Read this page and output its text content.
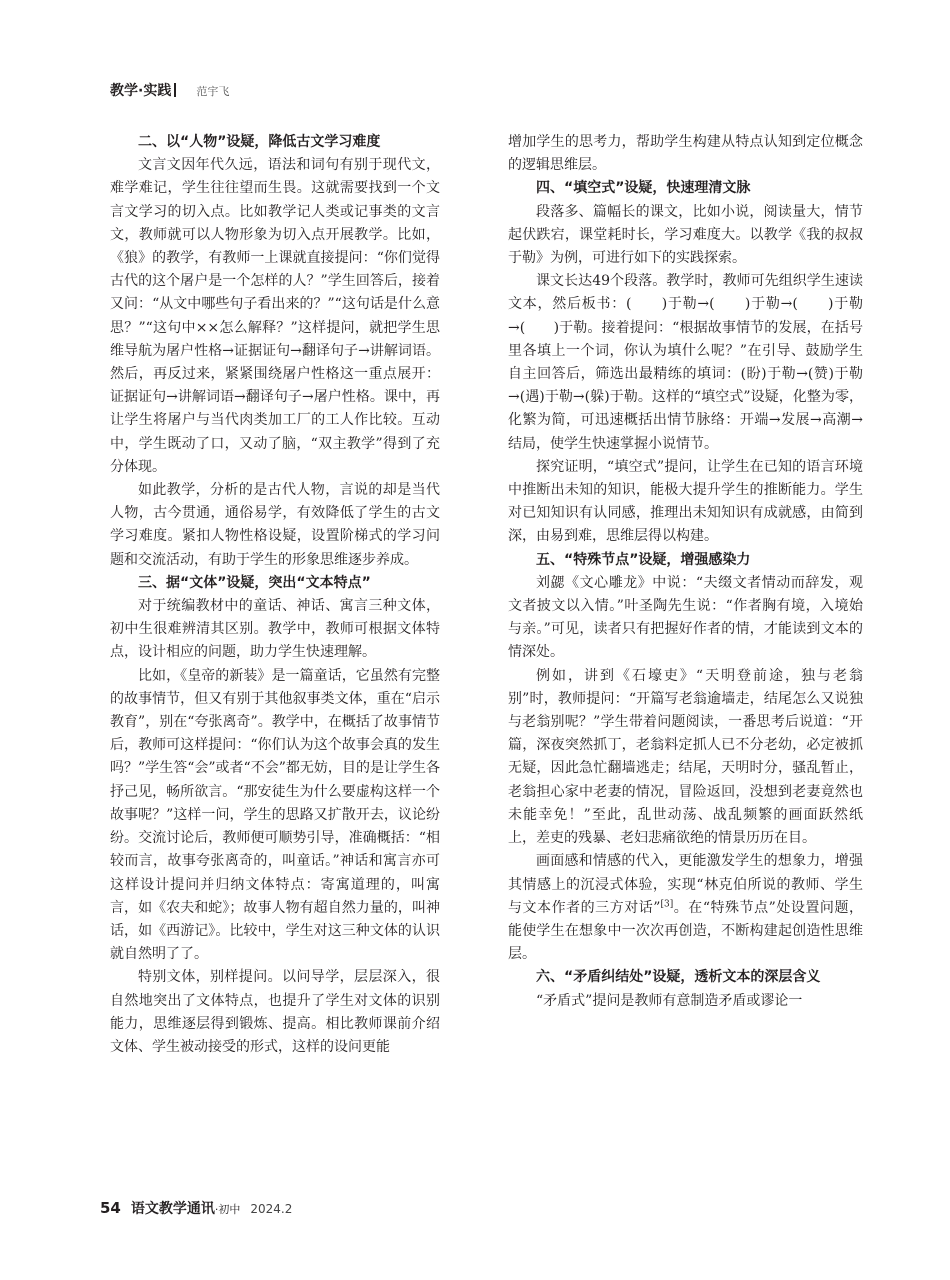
教学·实践 范宇飞
二、以“人物”设疑，降低古文学习难度

文言文因年代久远，语法和词句有别于现代文，难学难记，学生往往望而生畏。这就需要找到一个文言文学习的切入点。比如教学记人类或记事类的文言文，教师就可以人物形象为切入点开展教学。比如，《狼》的教学，有教师一上课就直接提问：“你们觉得古代的这个屠户是一个怎样的人？”学生回答后，接着又问：“从文中哪些句子看出来的？”“这句话是什么意思？”“这句中××怎么解释？”这样提问，就把学生思维导航为屠户性格→证据证句→翻译句子→讲解词语。然后，再反过来，紧紧围绕屠户性格这一重点展开：证据证句→讲解词语→翻译句子→屠户性格。课中，再让学生将屠户与当代肉类加工厂的工人作比较。互动中，学生既动了口，又动了脑，“双主教学”得到了充分体现。

如此教学，分析的是古代人物，言说的却是当代人物，古今贯通，通俗易学，有效降低了学生的古文学习难度。紧扣人物性格设疑，设置阶梯式的学习问题和交流活动，有助于学生的形象思维逐步养成。

三、据“文体”设疑，突出“文本特点”

对于统编教材中的童话、神话、寓言三种文体，初中生很难辨清其区别。教学中，教师可根据文体特点，设计相应的问题，助力学生快速理解。

比如，《皇帝的新装》是一篇童话，它虽然有完整的故事情节，但又有别于其他叙事类文体，重在“启示教育”，别在“夸张离奇”。教学中，在概括了故事情节后，教师可这样提问：“你们认为这个故事会真的发生吗？”学生答“会”或者“不会”都无妨，目的是让学生各抒己见，畅所欲言。“那安徒生为什么要虚构这样一个故事呢？”这样一问，学生的思路又扩散开去，议论纷纷。交流讨论后，教师便可顺势引导，准确概括：“相较而言，故事夸张离奇的，叫童话。”神话和寓言亦可这样设计提问并归纳文体特点：寄寓道理的，叫寓言，如《农夫和蛇》；故事人物有超自然力量的，叫神话，如《西游记》。比较中，学生对这三种文体的认识就自然明了了。

特别文体，别样提问。以问导学，层层深入，很自然地突出了文体特点，也提升了学生对文体的识别能力，思维逐层得到锻炼、提高。相比教师课前介绍文体、学生被动接受的形式，这样的设问更能

增加学生的思考力，帮助学生构建从特点认知到定位概念的逻辑思维层。

四、“填空式”设疑，快速理清文脉

段落多、篇幅长的课文，比如小说，阅读量大，情节起伏跌宕，课堂耗时长，学习难度大。以教学《我的叔叔于勒》为例，可进行如下的实践探索。

课文长达49个段落。教学时，教师可先组织学生速读文本，然后板书：(　　)于勒→(　　)于勒→(　　)于勒→(　　)于勒。接着提问：“根据故事情节的发展，在括号里各填上一个词，你认为填什么呢？”在引导、鼓励学生自主回答后，筛选出最精练的填词：(盼)于勒→(赞)于勒→(遇)于勒→(躲)于勒。这样的“填空式”设疑，化整为零，化繁为简，可迅速概括出情节脉络：开端→发展→高潮→结局，使学生快速掌握小说情节。

探究证明，“填空式”提问，让学生在已知的语言环境中推断出未知的知识，能极大提升学生的推断能力。学生对已知知识有认同感，推理出未知知识有成就感，由简到深，由易到难，思维层得以构建。

五、“特殊节点”设疑，增强感染力

刘勰《文心雕龙》中说：“夫缀文者情动而辞发，观文者披文以入情。”叶圣陶先生说：“作者胸有境，入境始与亲。”可见，读者只有把握好作者的情，才能读到文本的情深处。

例如，讲到《石壕吏》“天明登前途，独与老翁别”时，教师提问：“开篇写老翁逾墙走，结尾怎么又说独与老翁别呢？”学生带着问题阅读，一番思考后说道：“开篇，深夜突然抓丁，老翁料定抓人已不分老幼，必定被抓无疑，因此急忙翻墙逃走；结尾，天明时分，骚乱暂止，老翁担心家中老妻的情况，冒险返回，没想到老妻竟然也未能幸免！”至此，乱世动荡、战乱频繁的画面跃然纸上，差吏的残暴、老妇悲痛欲绝的情景历历在目。

画面感和情感的代入，更能激发学生的想象力，增强其情感上的沉浸式体验，实现“林克伯所说的教师、学生与文本作者的三方对话”[3]。在“特殊节点”处设置问题，能使学生在想象中一次次再创造，不断构建起创造性思维层。

六、“矛盾纠结处”设疑，透析文本的深层含义

“矛盾式”提问是教师有意制造矛盾或谬论一

54 语文教学通讯 ·初中 2024.2
